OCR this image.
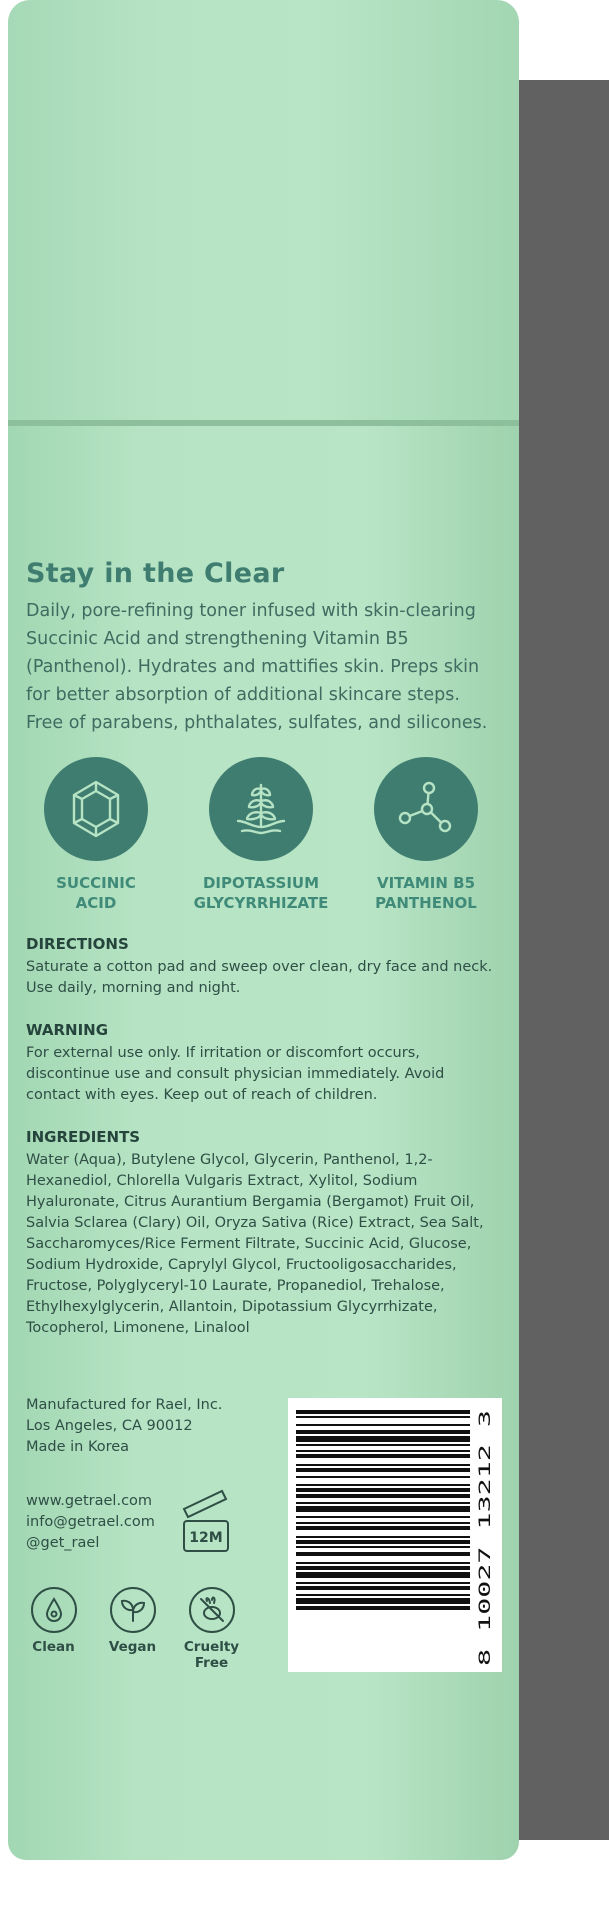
Stay in the Clear

Daily, pore-refining toner infused with skin-clearing Succinic Acid and strengthening Vitamin B5 (Panthenol). Hydrates and mattifies skin. Preps skin for better absorption of additional skincare steps. Free of parabens, phthalates, sulfates, and silicones.

SUCCINIC
ACID
DIPOTASSIUM
GLYCYRRHIZATE
VITAMIN B5
PANTHENOL

DIRECTIONS

Saturate a cotton pad and sweep over clean, dry face and neck. Use daily, morning and night.

WARNING

For external use only. If irritation or discomfort occurs, discontinue use and consult physician immediately. Avoid contact with eyes. Keep out of reach of children.

INGREDIENTS

Water (Aqua), Butylene Glycol, Glycerin, Panthenol, 1,2-Hexanediol, Chlorella Vulgaris Extract, Xylitol, Sodium Hyaluronate, Citrus Aurantium Bergamia (Bergamot) Fruit Oil, Salvia Sclarea (Clary) Oil, Oryza Sativa (Rice) Extract, Sea Salt, Saccharomyces/Rice Ferment Filtrate, Succinic Acid, Glucose, Sodium Hydroxide, Caprylyl Glycol, Fructooligosaccharides, Fructose, Polyglyceryl-10 Laurate, Propanediol, Trehalose, Ethylhexylglycerin, Allantoin, Dipotassium Glycyrrhizate, Tocopherol, Limonene, Linalool

Manufactured for Rael, Inc.

Los Angeles, CA 90012

Made in Korea

www.getrael.com

info@getrael.com

@get_rael	12M
Clean	Vegan Cruelty Free	8 10027 13212 3
